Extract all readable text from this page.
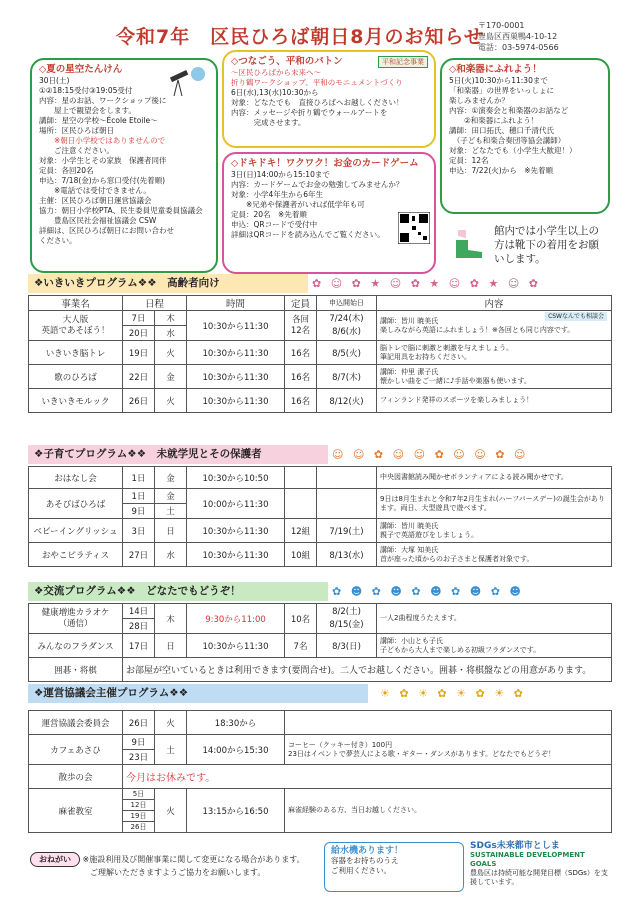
令和7年　区民ひろば朝日8月のお知らせ
〒170-0001
豊島区西巣鴨4-10-12
電話：03-5974-0566
◇夏の星空たんけん
30日(土)
①②18:15受付③19:05受付
内容：星のお話、ワークショップ後に
　　屋上で観望会をします。
講師：星空の学校～École Etoile～
場所：区民ひろば朝日
　　※朝日小学校ではありませんので
　　ご注意ください。
対象：小学生とその家族　保護者同伴
定員：各回20名
申込：7/18(金)から窓口受付(先着順)
　　※電話では受付できません。
主催：区民ひろば朝日運営協議会
協力：朝日小学校PTA、民生委員児童委員協議会
　　豊島区民社会福祉協議会 CSW
詳細は、区民ひろば朝日にお問い合わせ
ください。
◇つなごう、平和のバトン	平和記念事業
～区民ひろばから未来へ～
折り鶴ワークショップ、平和のモニュメントづくり
6日(水),13(水)10:30から
対象：どなたでも　直接ひろばへお越しください！
内容：メッセージや折り鶴でウォールアートを
　　　完成させます。
◇ドキドキ！ワクワク！お金のカードゲーム
3日(日)14:00から15:10まで
内容：カードゲームでお金の勉強してみませんか？
対象：小学4年生から6年生
　　※兄弟や保護者がいれば低学年も可
定員：20名　※先着順
申込：QRコードで受付中
詳細はQRコードを読み込んでご覧ください。
◇和楽器にふれよう！
5日(火)10:30から11:30まで
「和楽器」の世界をいっしょに
楽しみませんか？
内容：①演奏会と和楽器のお話など
　　②和楽器にふれよう！
講師：田口拓氏、穂口千清代氏
　（子ども和楽合奏団等協会講師）
対象：どなたでも（小学生大歓迎！）
定員：12名
申込：7/22(火)から　※先着順
館内では小学生以上の方は靴下の着用をお願いします。
❖いきいきプログラム❖❖　高齢者向け	✿ ☺ ✿ ★ ☺ ✿ ★ ☺ ✿ ★ ☺ ✿
事業名	日程		時間	定員	申込開始日	内容
大人版
英語であそぼう！	7日	木	10:30から11:30	各回
12名	7/24(木)
8/6(水)	講師：皆川 暁美氏
楽しみながら英語にふれましょう！※各回とも同じ内容です。
CSWなんでも相談会

	20日	水				
いきいき脳トレ	19日	火	10:30から11:30	16名	8/5(火)	脳トレで脳に刺激と刺激を与えましょう。
筆記用具をお持ちください。
歌のひろば	22日	金	10:30から11:30	16名	8/7(木)	講師：仲里 潔子氏
懐かしい曲をご一緒に♪手話や楽器も使います。
いきいきモルック	26日	火	10:30から11:30	16名	8/12(火)	フィンランド発祥のスポーツを楽しみましょう！
❖子育てプログラム❖❖　未就学児とその保護者	☺ ☺ ✿ ☺ ☺ ✿ ☺ ☺ ✿ ☺
おはなし会	1日	金	10:30から10:50			中央図書館読み聞かせボランティアによる読み聞かせです。
あそびばひろば	1日	金	10:00から11:30			9日は8月生まれと令和7年2月生まれ(ハーフバースデー)の誕生会があります。両日、大型遊具で遊べます。
	9日	土				
ベビーイングリッシュ	3日	日	10:30から11:30	12組	7/19(土)	講師：皆川 暁美氏
親子で英語遊びをしましょう。
おやこピラティス	27日	水	10:30から11:30	10組	8/13(水)	講師：大塚 知美氏
首が座った頃からのお子さまと保護者対象です。
❖交流プログラム❖❖　どなたでもどうぞ！	✿ ☻ ✿ ☻ ✿ ☻ ✿ ☻ ✿ ☻
健康増進カラオケ
（通信）	14日	木	9:30から11:00	10名	8/2(土)
8/15(金)	一人2曲程度うたえます。
	28日					
みんなのフラダンス	17日	日	10:30から11:30	7名	8/3(日)	講師：小山とも子氏
子どもから大人まで楽しめる初級フラダンスです。
囲碁・将棋	お部屋が空いているときは利用できます(要問合せ)。二人でお越しください。囲碁・将棋盤などの用意があります。					
❖運営協議会主催プログラム❖❖	☀ ✿ ☀ ✿ ☀ ✿ ☀ ✿
運営協議会委員会	26日	火	18:30から	
カフェあさひ	9日	土	14:00から15:30	コーヒー（クッキー付き）100円
23日はイベントで夢芸人による歌・ギター・ダンスがあります。どなたでもどうぞ！
	23日			
散歩の会	今月はお休みです。			
麻雀教室	5日	火	13:15から16:50	麻雀経験のある方、当日お越しください。
	12日			
	19日			
	26日			
おねがい ※施設利用及び開催事業に関して変更になる場合があります。
　ご理解いただきますようご協力をお願いします。
給水機あります！
容器をお持ちのうえ
ご利用ください。
SDGs未来都市としま
SUSTAINABLE DEVELOPMENT GOALS
豊島区は持続可能な開発目標（SDGs）を支援しています。
